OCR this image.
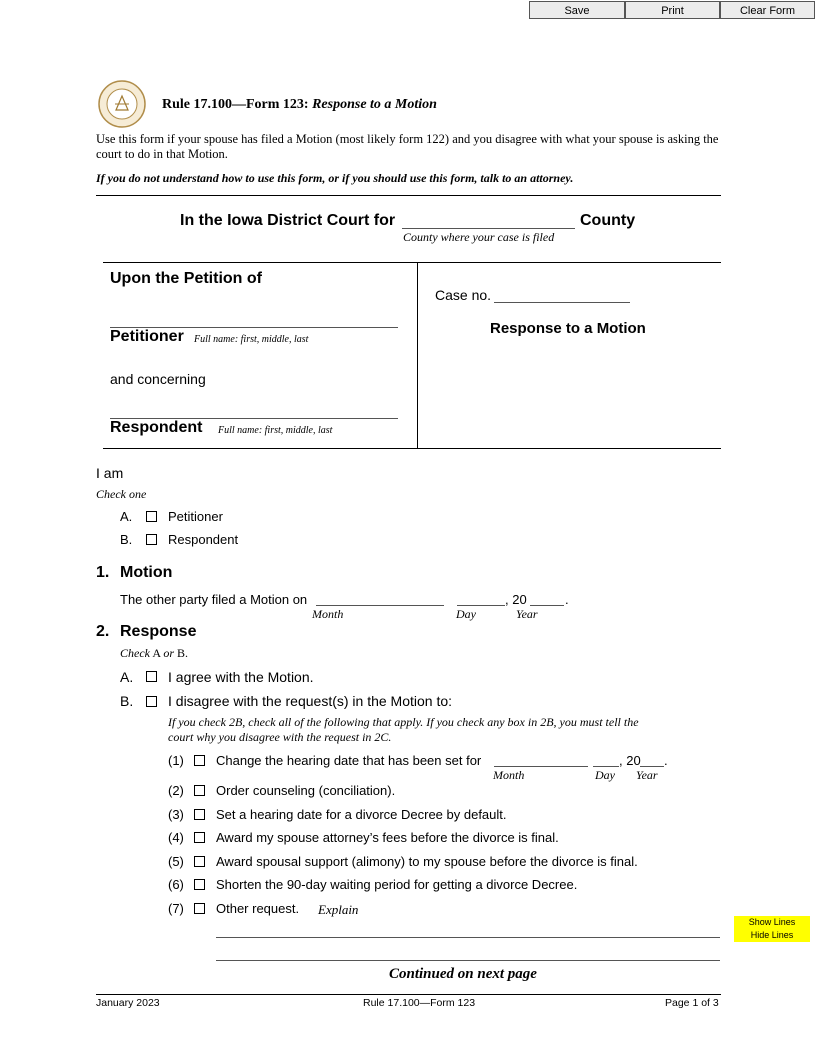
Save	Print	Clear Form
Rule 17.100—Form 123: Response to a Motion
Use this form if your spouse has filed a Motion (most likely form 122) and you disagree with what your spouse is asking the court to do in that Motion.
If you do not understand how to use this form, or if you should use this form, talk to an attorney.
In the Iowa District Court for	County
County where your case is filed
Upon the Petition of
Petitioner Full name: first, middle, last
and concerning
Respondent Full name: first, middle, last
Case no.
Response to a Motion
I am
Check one
A.	Petitioner
B.	Respondent
1. Motion
The other party filed a Motion on	, 20	.
Month	Day	Year
2. Response
Check A or B.
A. I agree with the Motion.
B. I disagree with the request(s) in the Motion to:
If you check 2B, check all of the following that apply. If you check any box in 2B, you must tell the
court why you disagree with the request in 2C.
(1) Change the hearing date that has been set for	, 20 .
Month	Day Year
(2) Order counseling (conciliation).
(3) Set a hearing date for a divorce Decree by default.
(4) Award my spouse attorney’s fees before the divorce is final.
(5) Award spousal support (alimony) to my spouse before the divorce is final.
(6) Shorten the 90-day waiting period for getting a divorce Decree.
(7) Other request. Explain
Show Lines
Hide Lines
Continued on next page
January 2023	Rule 17.100—Form 123	Page 1 of 3
